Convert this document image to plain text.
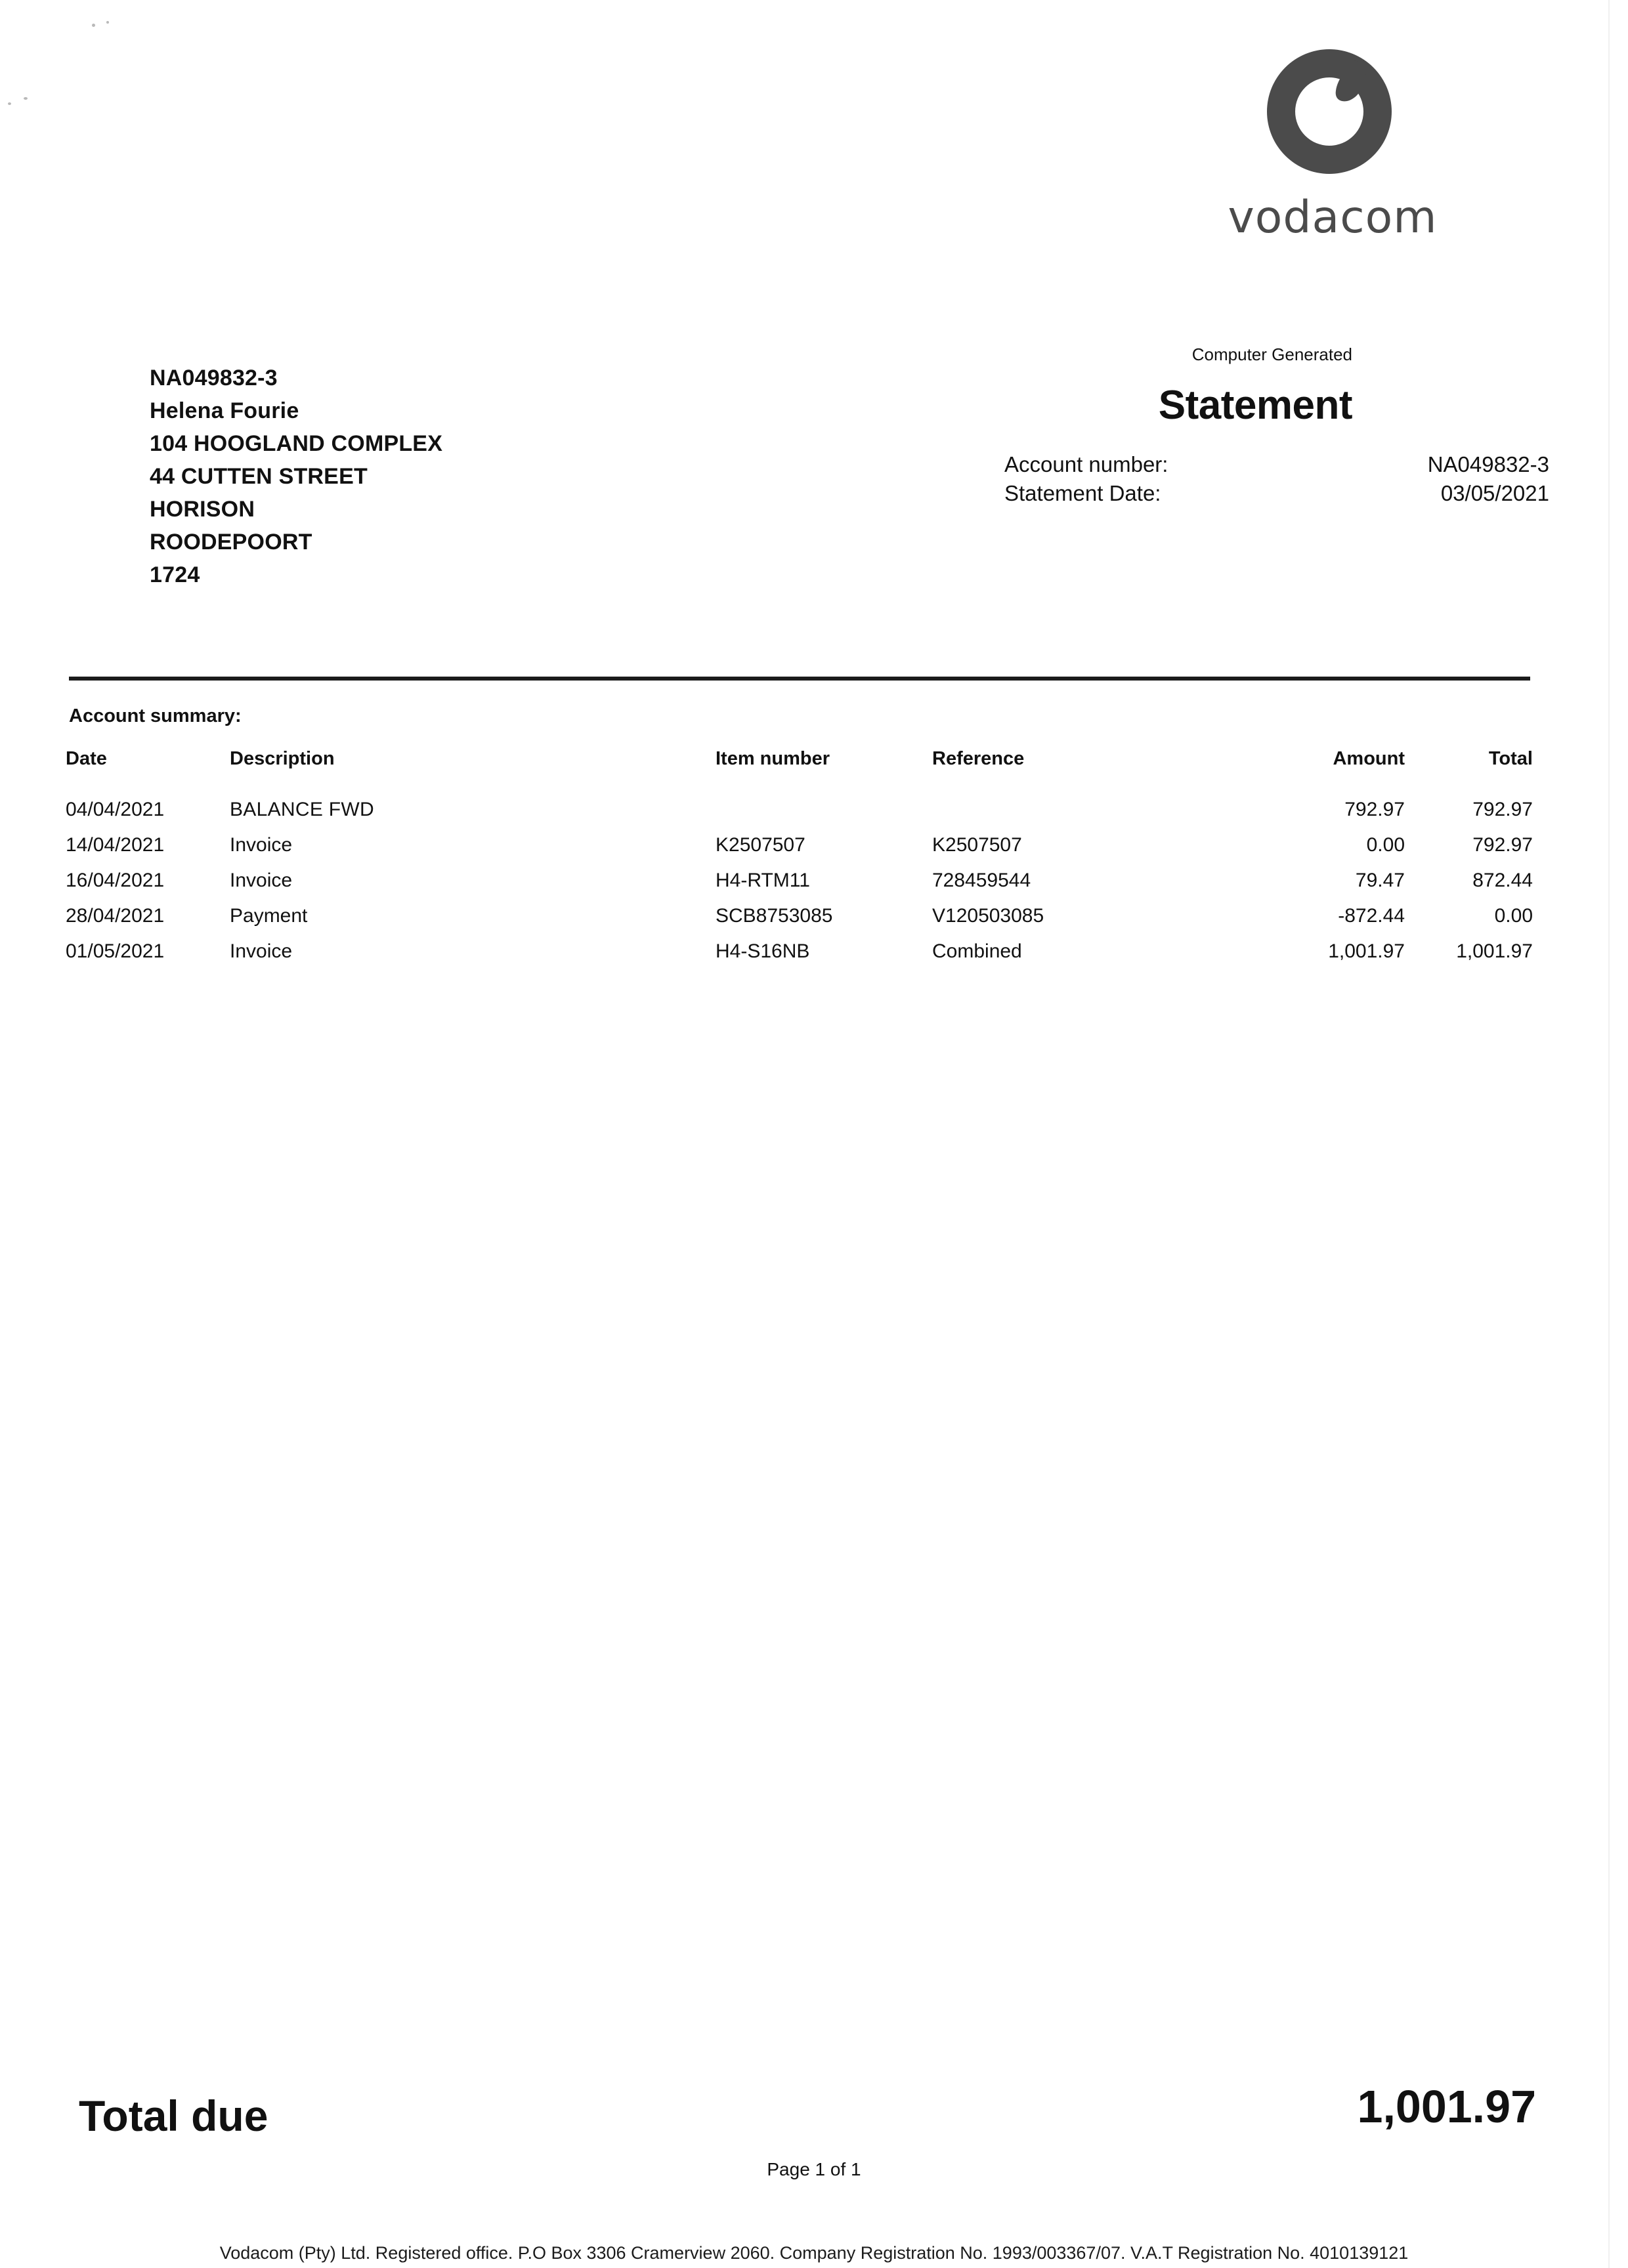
vodacom
NA049832-3
Helena Fourie
104 HOOGLAND COMPLEX
44 CUTTEN STREET
HORISON
ROODEPOORT
1724
Computer Generated
Statement
Account number:	NA049832-3
Statement Date:	03/05/2021
Account summary:
Date	Description	Item number	Reference	Amount	Total
04/04/2021	BALANCE FWD			792.97	792.97
14/04/2021	Invoice	K2507507	K2507507	0.00	792.97
16/04/2021	Invoice	H4-RTM11	728459544	79.47	872.44
28/04/2021	Payment	SCB8753085	V120503085	-872.44	0.00
01/05/2021	Invoice	H4-S16NB	Combined	1,001.97	1,001.97
Total due	1,001.97
Page 1 of 1
Vodacom (Pty) Ltd. Registered office. P.O Box 3306 Cramerview 2060. Company Registration No. 1993/003367/07. V.A.T Registration No. 4010139121
